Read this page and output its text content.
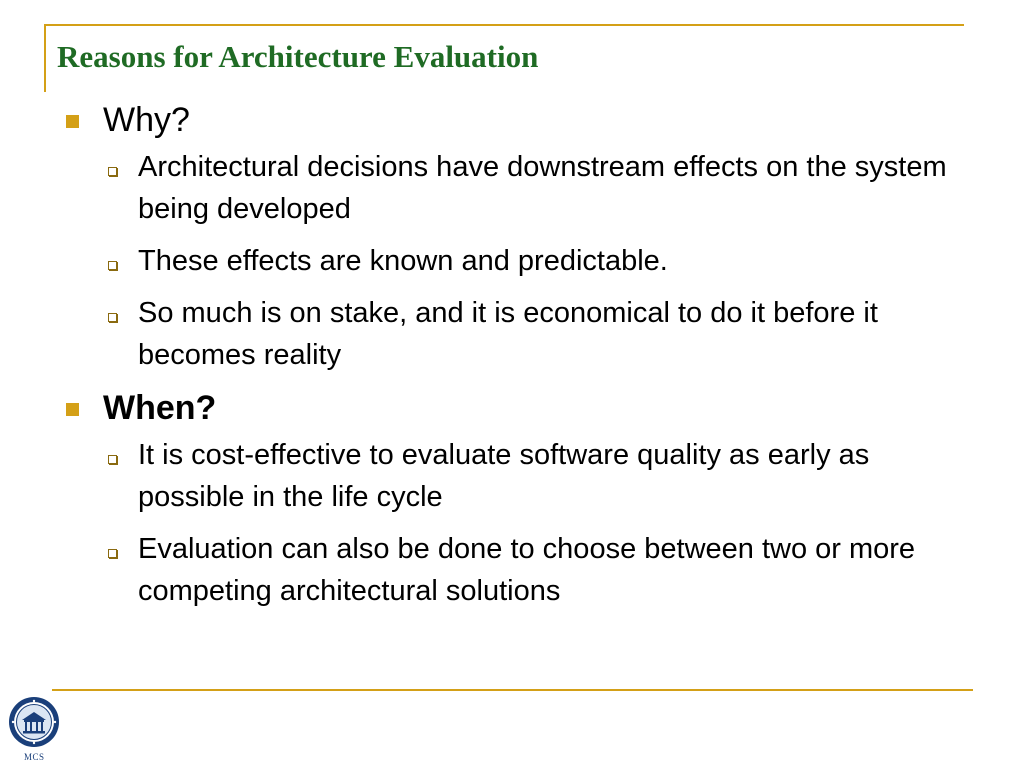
Reasons for Architecture Evaluation
Why?
Architectural decisions have downstream effects on the system being developed
These effects are known and predictable.
So much is on stake, and it is economical to do it before it becomes reality
When?
It is cost-effective to evaluate software quality as early as possible in the life cycle
Evaluation can also be done to choose between two or more competing architectural solutions
MCS
